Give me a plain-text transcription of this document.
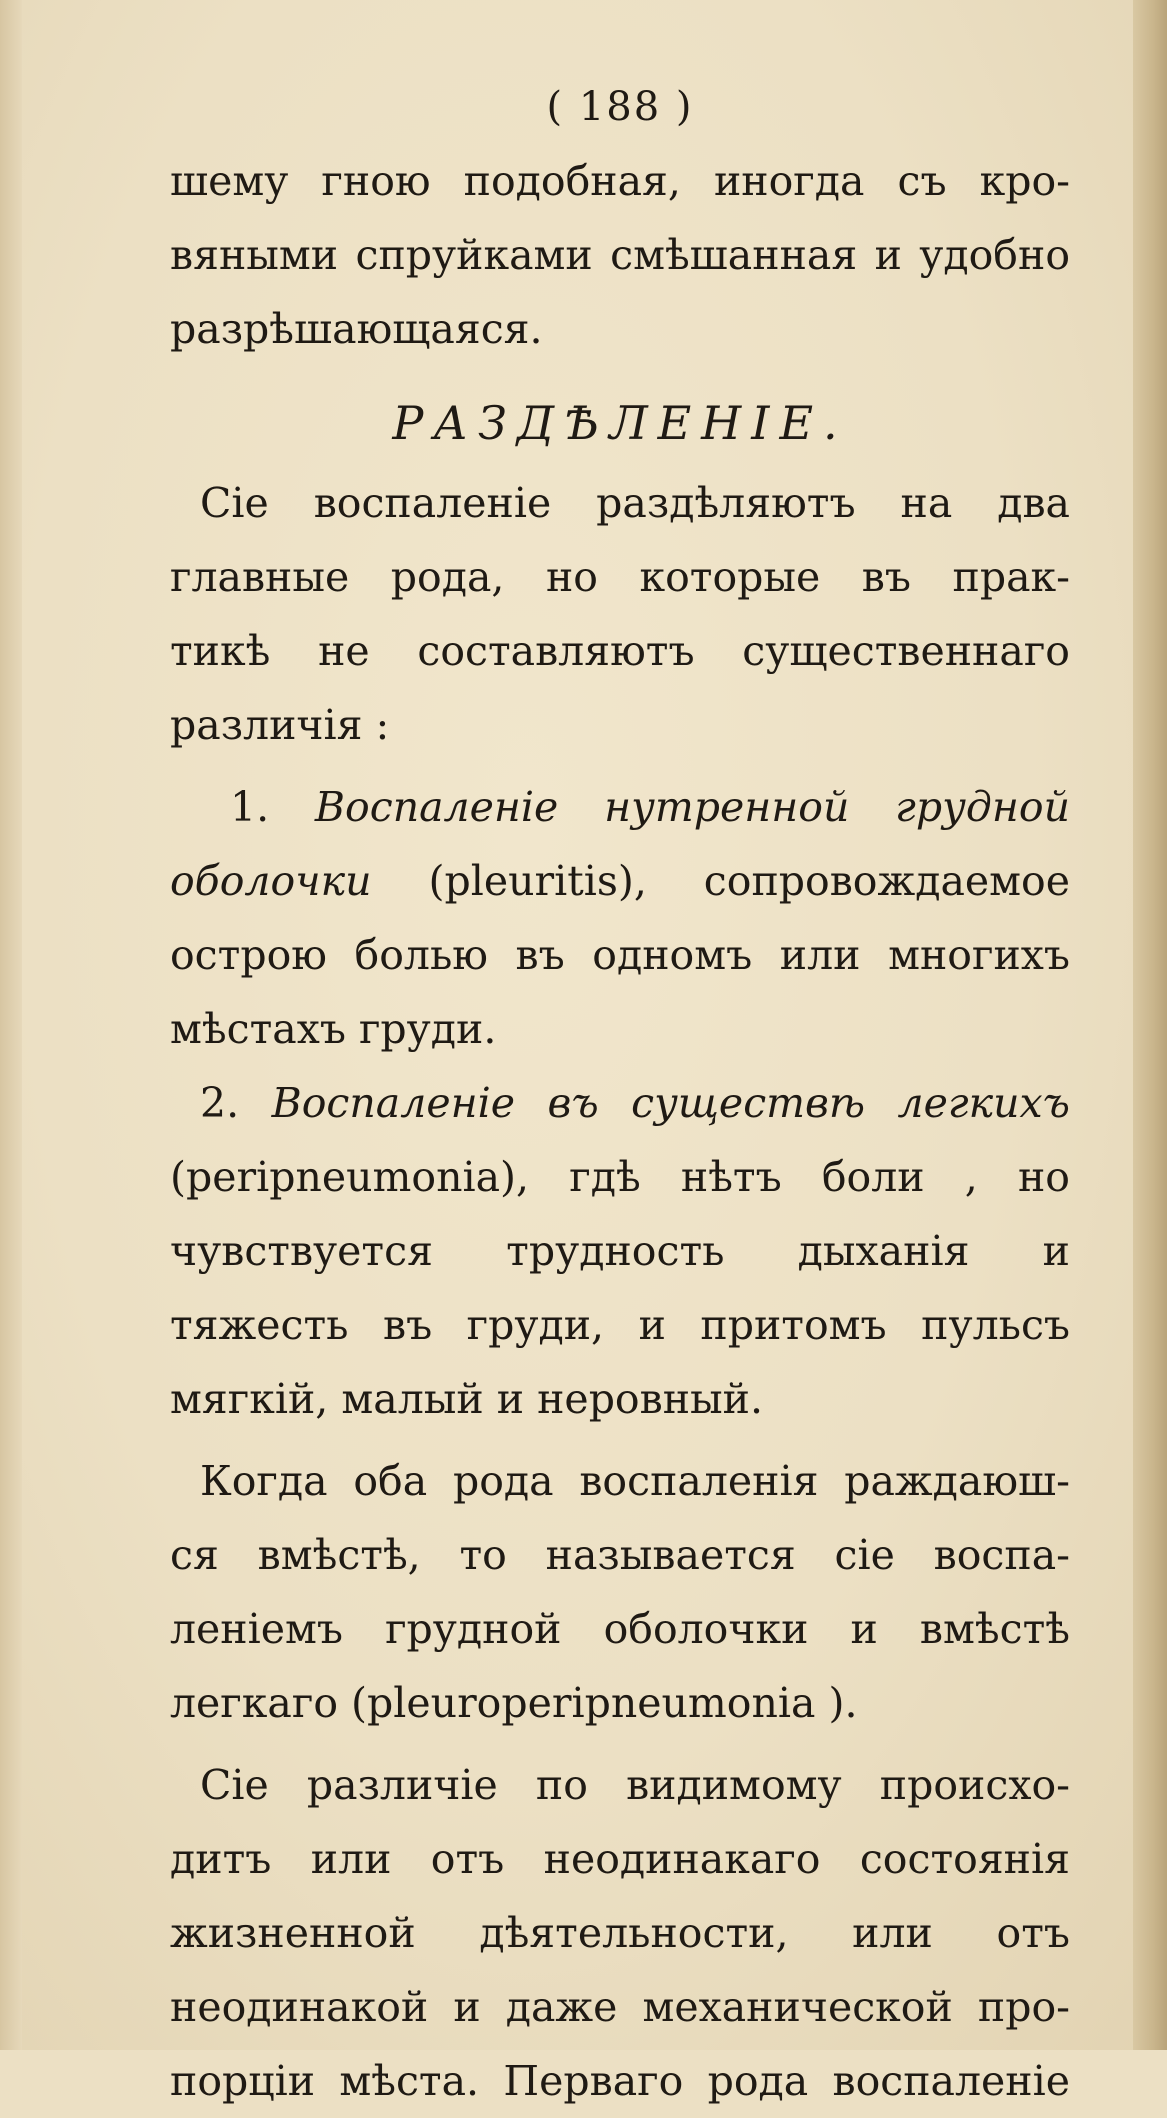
( 188 )
шему гною подобная, иногда съ кро-
вяными спруйками смѣшанная и удобно
разрѣшающаяся.
РАЗДѢЛЕНIЕ.
Сiе воспаленiе раздѣляютъ на два
главные рода, но которые въ прак-
тикѣ не составляютъ существеннаго
различiя :
1. Воспаленiе нутренной грудной
оболочки (pleuritis), сопровождаемое
острою болью въ одномъ или многихъ
мѣстахъ груди.
2. Воспаленiе въ существѣ легкихъ
(peripneumonia), гдѣ нѣтъ боли , но
чувствуется трудность дыханiя и
тяжесть въ груди, и притомъ пульсъ
мягкiй, малый и неровный.
Когда оба рода воспаленiя раждаюш-
ся вмѣстѣ, то называется сiе воспа-
ленiемъ грудной оболочки и вмѣстѣ
легкаго (pleuroperipneumonia ).
Сiе различiе по видимому происхо-
дитъ или отъ неодинакаго состоянiя
жизненной дѣятельности, или отъ
неодинакой и даже механической про-
порцiи мѣста. Перваго рода воспаленiе
